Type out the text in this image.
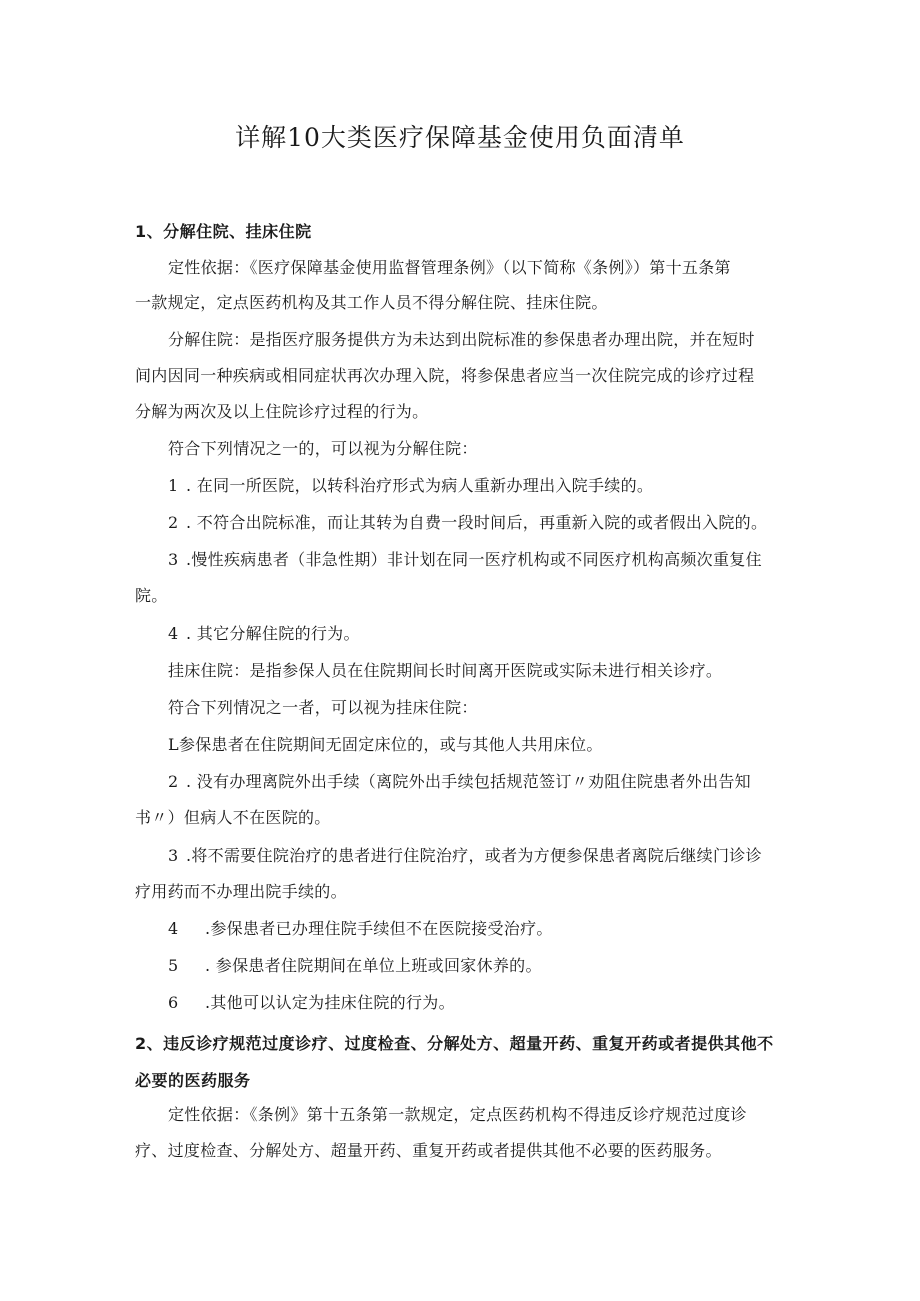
详解10大类医疗保障基金使用负面清单
1、分解住院、挂床住院

定性依据：《医疗保障基金使用监督管理条例》（以下简称《条例》）第十五条第

一款规定，定点医药机构及其工作人员不得分解住院、挂床住院。

分解住院：是指医疗服务提供方为未达到出院标准的参保患者办理出院，并在短时

间内因同一种疾病或相同症状再次办理入院，将参保患者应当一次住院完成的诊疗过程

分解为两次及以上住院诊疗过程的行为。

符合下列情况之一的，可以视为分解住院：

1 . 在同一所医院，以转科治疗形式为病人重新办理出入院手续的。

2 . 不符合出院标准，而让其转为自费一段时间后，再重新入院的或者假出入院的。

3 .慢性疾病患者（非急性期）非计划在同一医疗机构或不同医疗机构高频次重复住

院。

4 . 其它分解住院的行为。

挂床住院：是指参保人员在住院期间长时间离开医院或实际未进行相关诊疗。

符合下列情况之一者，可以视为挂床住院：

L参保患者在住院期间无固定床位的，或与其他人共用床位。

2 . 没有办理离院外出手续（离院外出手续包括规范签订〃劝阻住院患者外出告知

书〃）但病人不在医院的。

3 .将不需要住院治疗的患者进行住院治疗，或者为方便参保患者离院后继续门诊诊

疗用药而不办理出院手续的。

4 .参保患者已办理住院手续但不在医院接受治疗。

5 . 参保患者住院期间在单位上班或回家休养的。

6 .其他可以认定为挂床住院的行为。

2、违反诊疗规范过度诊疗、过度检查、分解处方、超量开药、重复开药或者提供其他不
必要的医药服务

定性依据：《条例》第十五条第一款规定，定点医药机构不得违反诊疗规范过度诊

疗、过度检查、分解处方、超量开药、重复开药或者提供其他不必要的医药服务。
